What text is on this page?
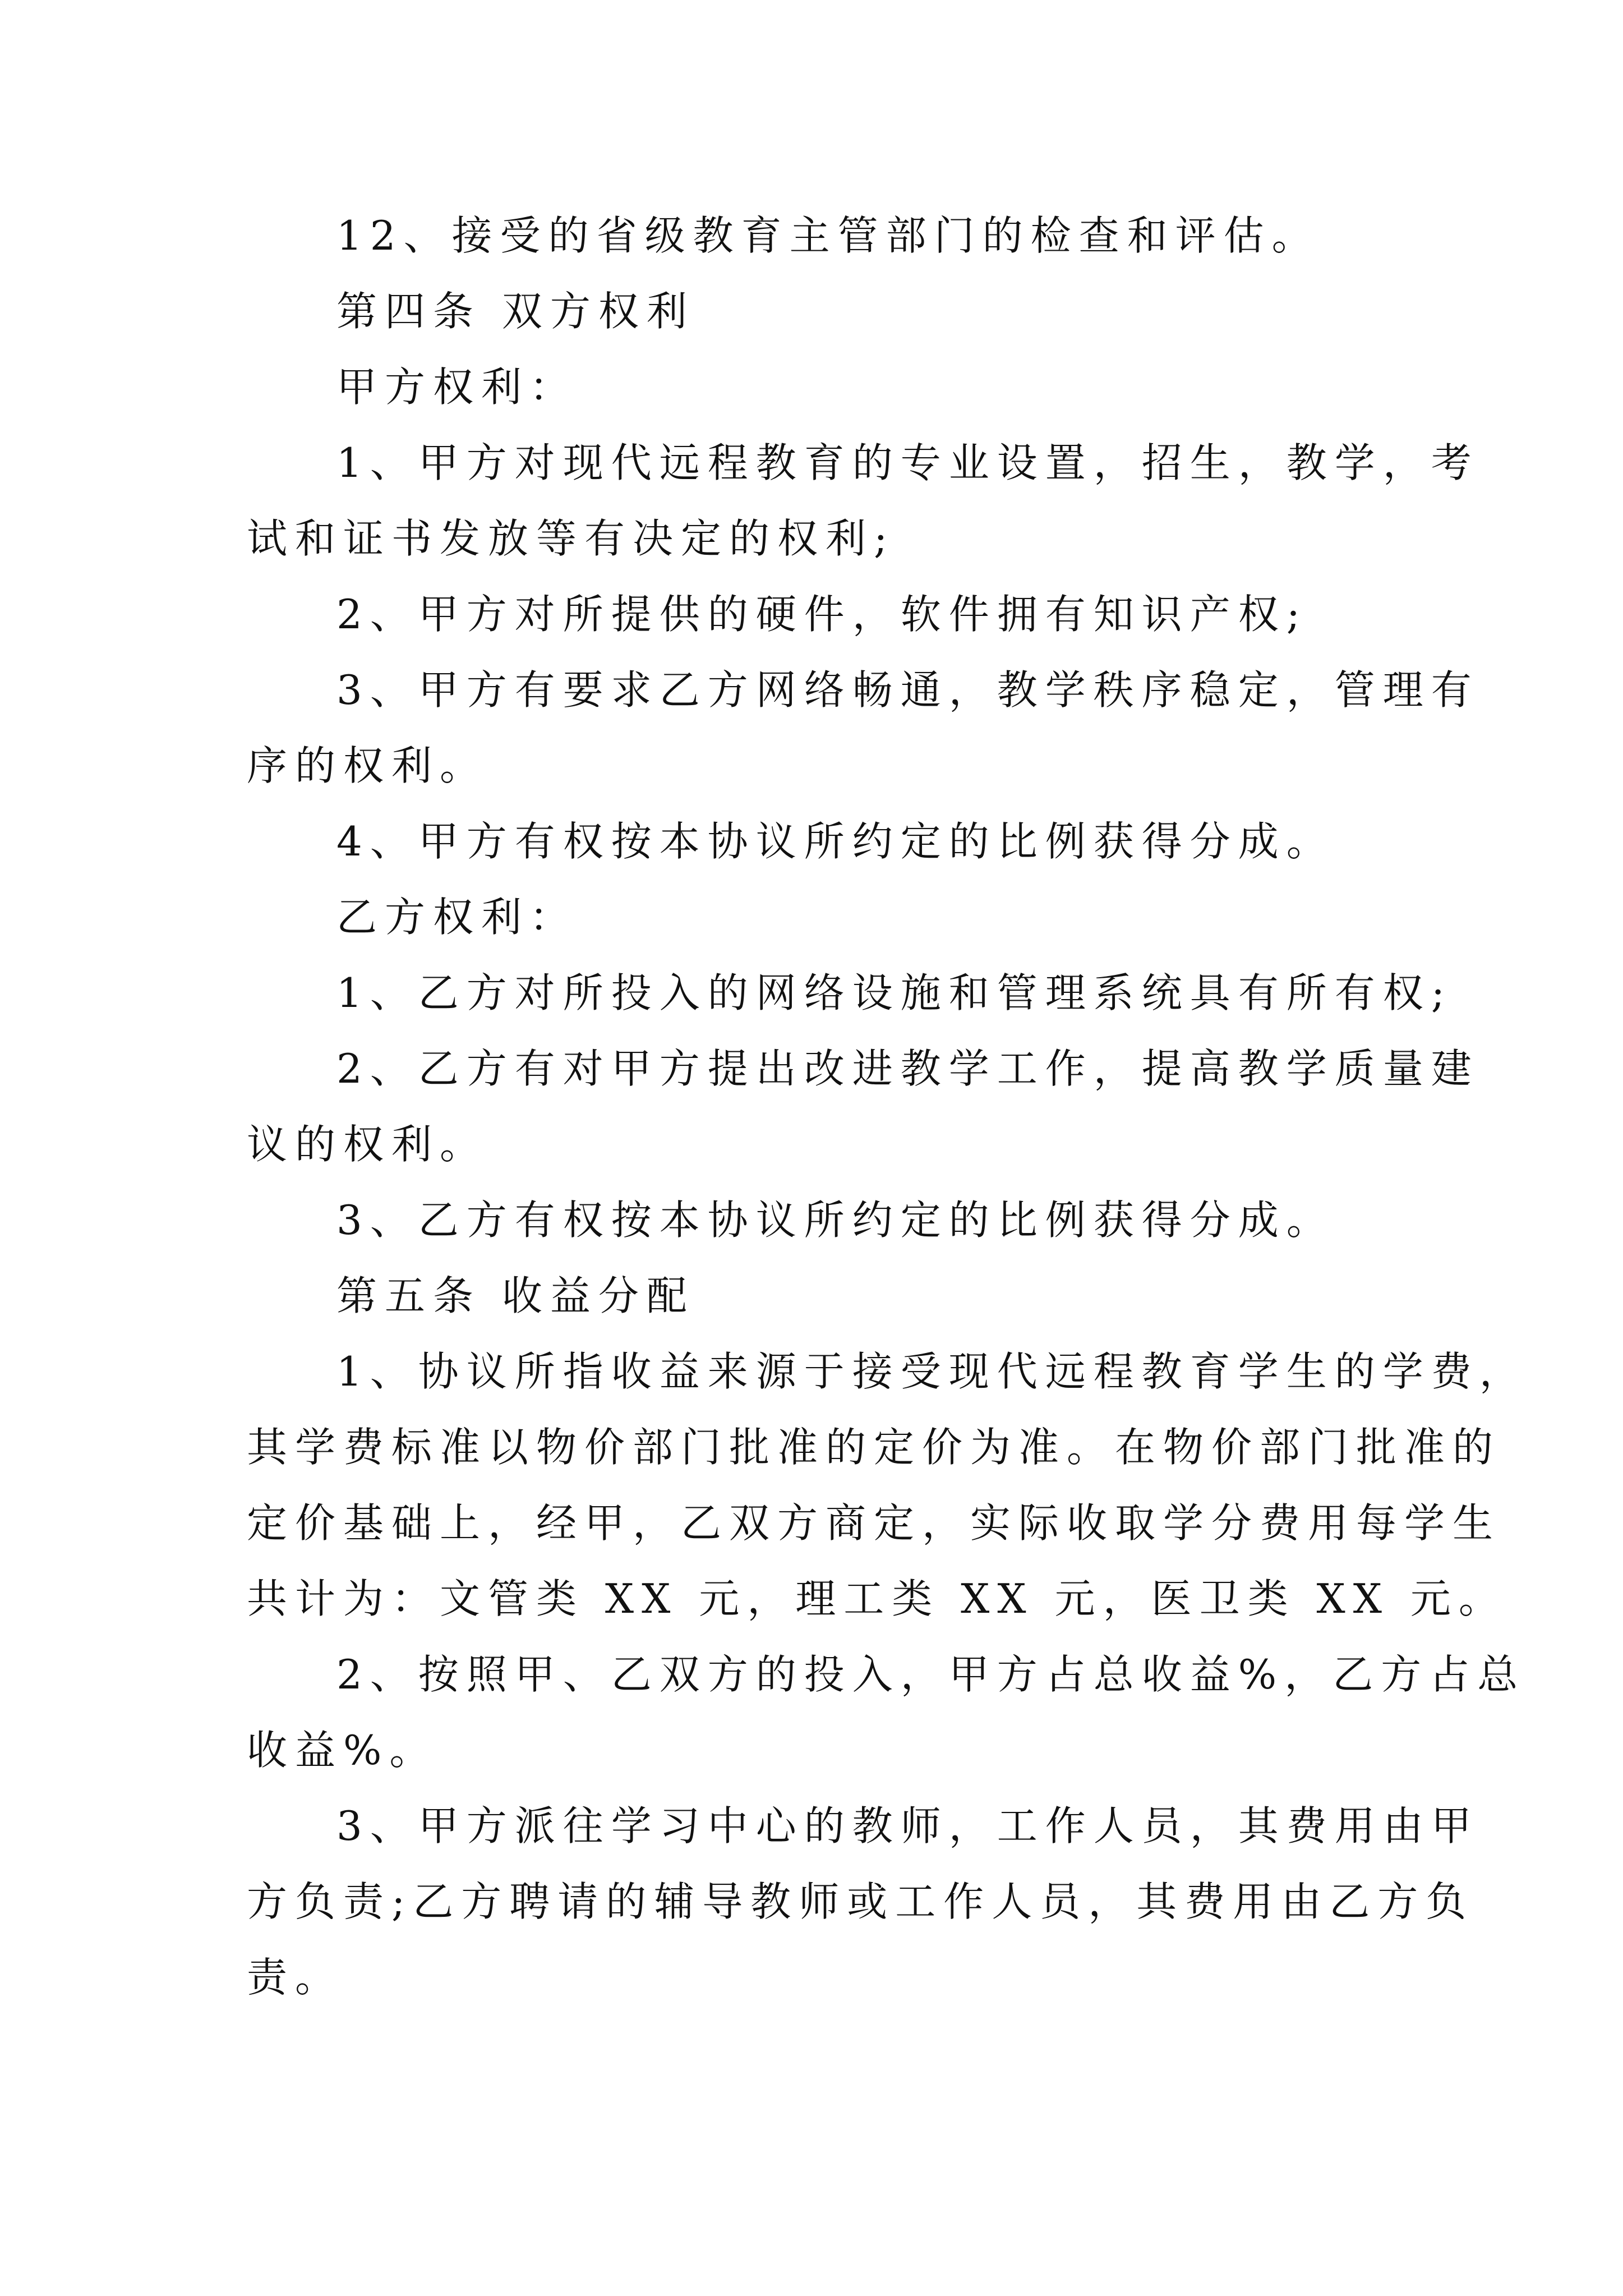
12、接受的省级教育主管部门的检查和评估。
第四条 双方权利
甲方权利：
1、甲方对现代远程教育的专业设置，招生，教学，考
试和证书发放等有决定的权利;
2、甲方对所提供的硬件，软件拥有知识产权;
3、甲方有要求乙方网络畅通，教学秩序稳定，管理有
序的权利。
4、甲方有权按本协议所约定的比例获得分成。
乙方权利：
1、乙方对所投入的网络设施和管理系统具有所有权;
2、乙方有对甲方提出改进教学工作，提高教学质量建
议的权利。
3、乙方有权按本协议所约定的比例获得分成。
第五条 收益分配
1、协议所指收益来源于接受现代远程教育学生的学费，
其学费标准以物价部门批准的定价为准。在物价部门批准的
定价基础上，经甲，乙双方商定，实际收取学分费用每学生
共计为：文管类 XX 元，理工类 XX 元，医卫类 XX 元。
2、按照甲、乙双方的投入，甲方占总收益%，乙方占总
收益%。
3、甲方派往学习中心的教师，工作人员，其费用由甲
方负责;乙方聘请的辅导教师或工作人员，其费用由乙方负
责。
